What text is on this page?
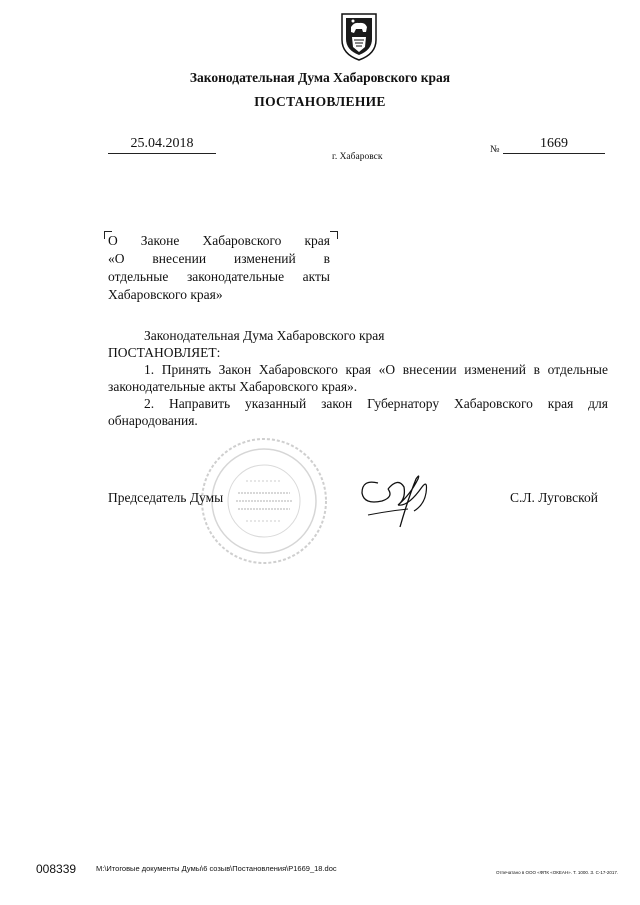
Законодательная Дума Хабаровского края
ПОСТАНОВЛЕНИЕ
25.04.2018
г. Хабаровск
№	1669
О Законе Хабаровского края
«О внесении изменений в
отдельные законодательные акты
Хабаровского края»
Законодательная Дума Хабаровского края
ПОСТАНОВЛЯЕТ:
1. Принять Закон Хабаровского края «О внесении изменений в отдельные
законодательные акты Хабаровского края».
2. Направить указанный закон Губернатору Хабаровского края для
обнародования.
Председатель Думы	С.Л. Луговской
008339	M:\Итоговые документы Думы\6 созыв\Постановления\P1669_18.doc	Отпечатано в ООО «ФПК «ОКЕАН». Т. 1000. З. С-17-2017.
